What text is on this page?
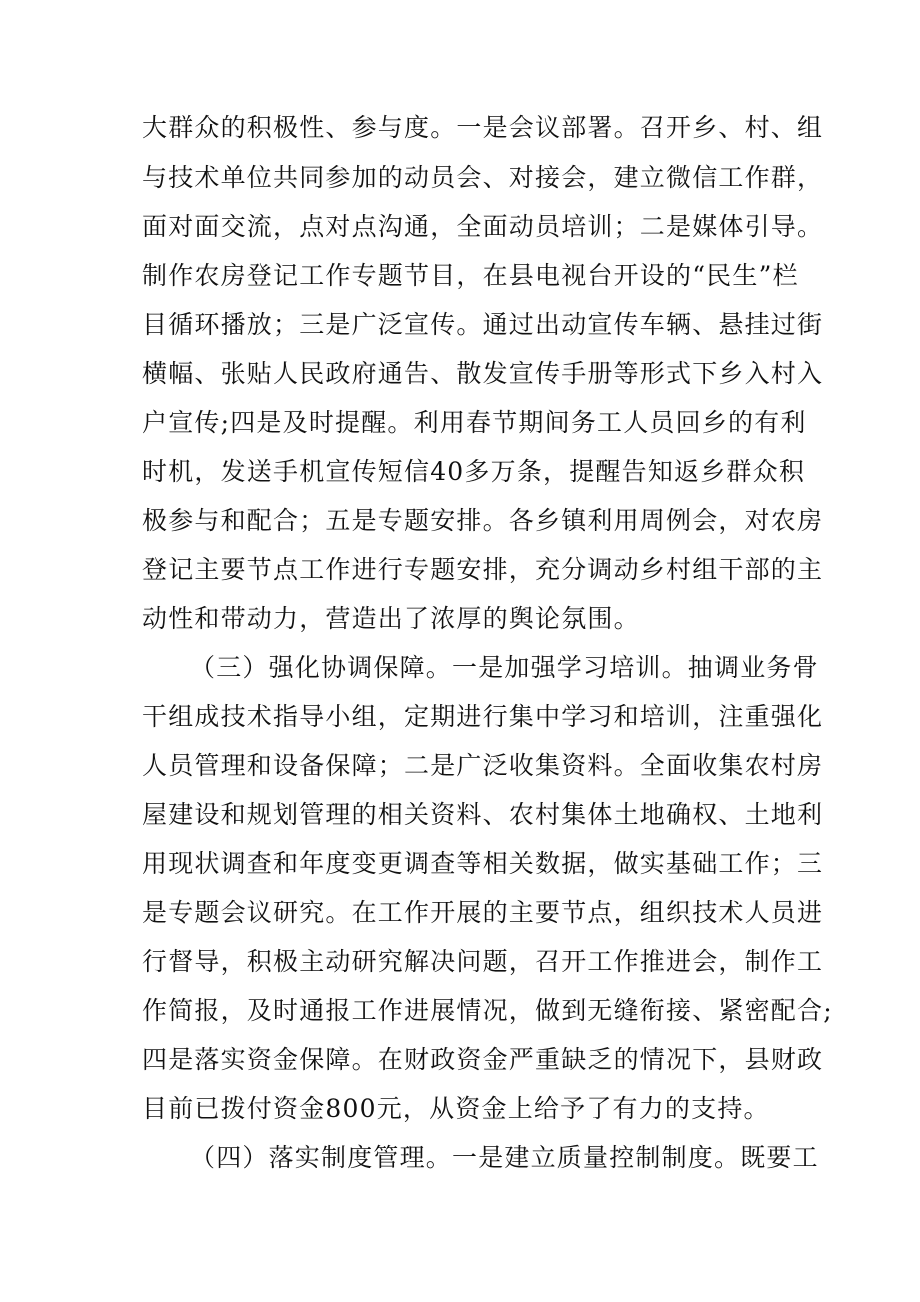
大群众的积极性、参与度。一是会议部署。召开乡、村、组
与技术单位共同参加的动员会、对接会，建立微信工作群，
面对面交流，点对点沟通，全面动员培训；二是媒体引导。
制作农房登记工作专题节目，在县电视台开设的“民生”栏
目循环播放；三是广泛宣传。通过出动宣传车辆、悬挂过街
横幅、张贴人民政府通告、散发宣传手册等形式下乡入村入
户宣传;四是及时提醒。利用春节期间务工人员回乡的有利
时机，发送手机宣传短信40多万条，提醒告知返乡群众积
极参与和配合；五是专题安排。各乡镇利用周例会，对农房
登记主要节点工作进行专题安排，充分调动乡村组干部的主
动性和带动力，营造出了浓厚的舆论氛围。
（三）强化协调保障。一是加强学习培训。抽调业务骨
干组成技术指导小组，定期进行集中学习和培训，注重强化
人员管理和设备保障；二是广泛收集资料。全面收集农村房
屋建设和规划管理的相关资料、农村集体土地确权、土地利
用现状调查和年度变更调查等相关数据，做实基础工作；三
是专题会议研究。在工作开展的主要节点，组织技术人员进
行督导，积极主动研究解决问题，召开工作推进会，制作工
作简报，及时通报工作进展情况，做到无缝衔接、紧密配合;
四是落实资金保障。在财政资金严重缺乏的情况下，县财政
目前已拨付资金800元，从资金上给予了有力的支持。
（四）落实制度管理。一是建立质量控制制度。既要工
